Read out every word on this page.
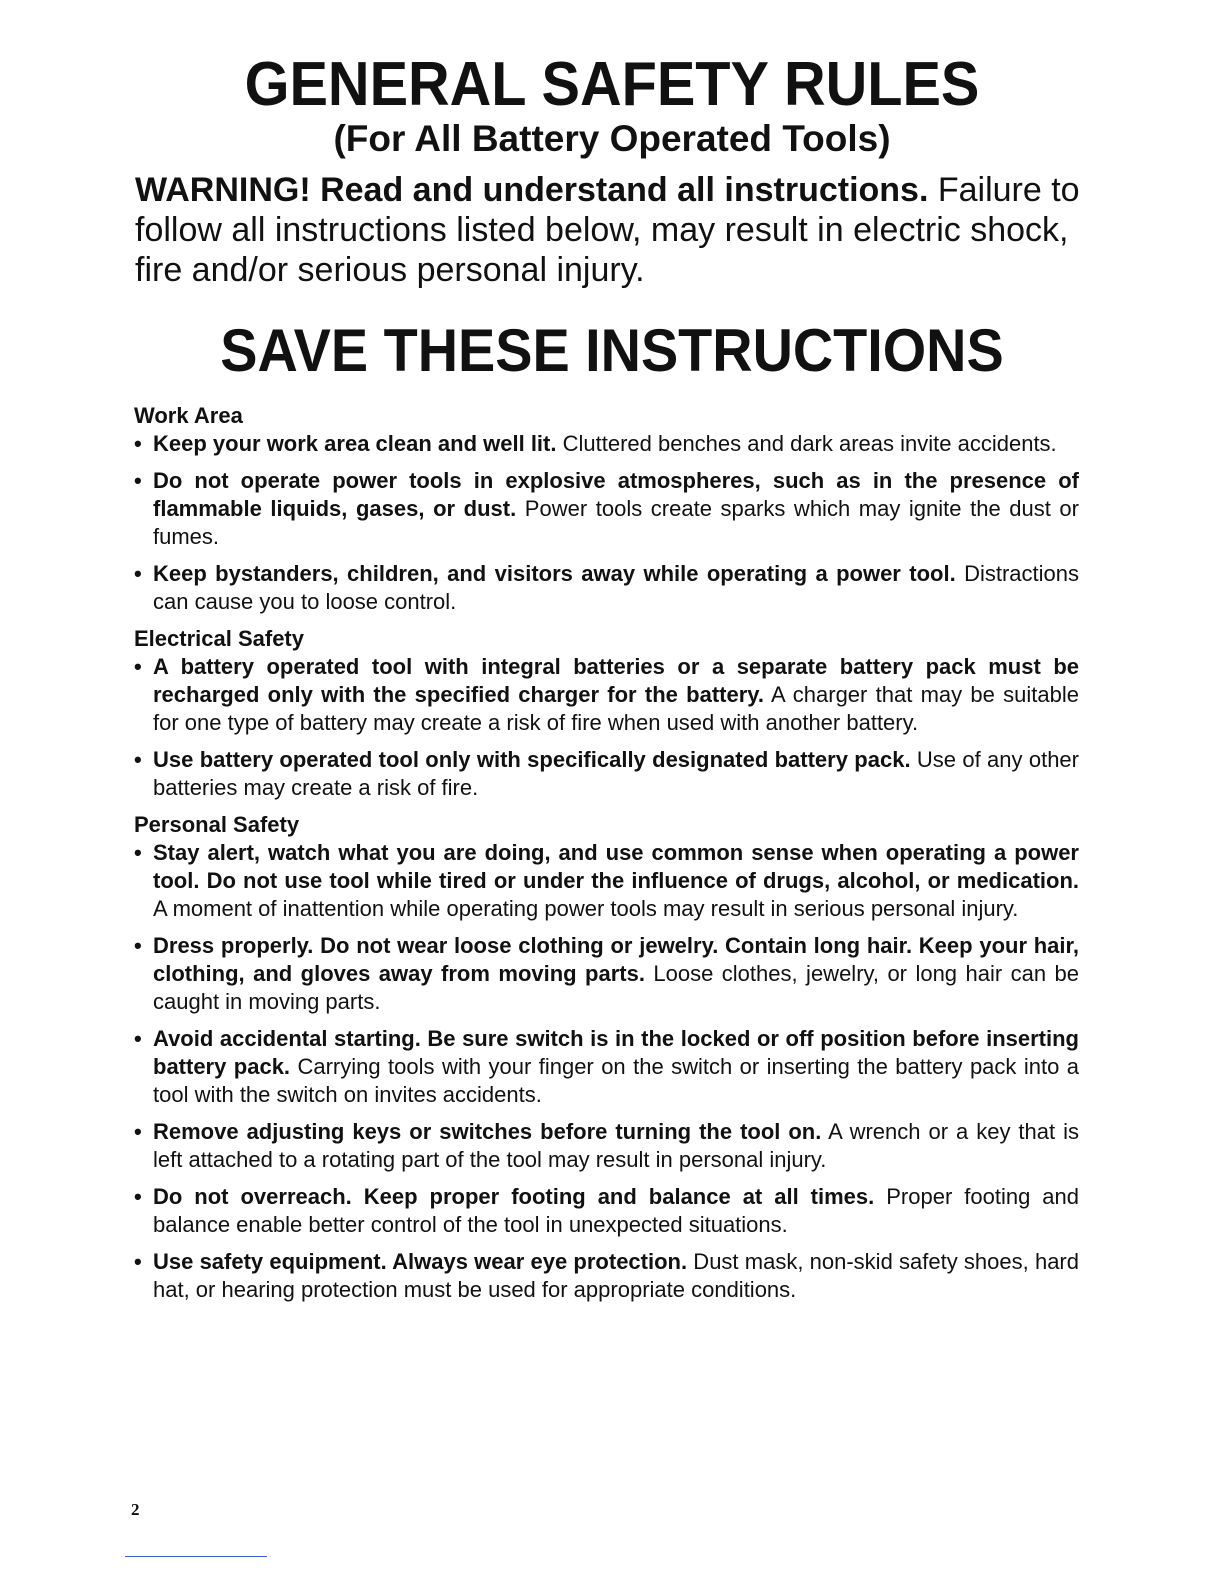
GENERAL SAFETY RULES
(For All Battery Operated Tools)
WARNING! Read and understand all instructions. Failure to follow all instructions listed below, may result in electric shock, fire and/or serious personal injury.
SAVE THESE INSTRUCTIONS
Work Area
• Keep your work area clean and well lit. Cluttered benches and dark areas invite accidents.
• Do not operate power tools in explosive atmospheres, such as in the presence of flammable liquids, gases, or dust. Power tools create sparks which may ignite the dust or fumes.
• Keep bystanders, children, and visitors away while operating a power tool. Distractions can cause you to loose control.
Electrical Safety
• A battery operated tool with integral batteries or a separate battery pack must be recharged only with the specified charger for the battery. A charger that may be suitable for one type of battery may create a risk of fire when used with another battery.
• Use battery operated tool only with specifically designated battery pack. Use of any other batteries may create a risk of fire.
Personal Safety
• Stay alert, watch what you are doing, and use common sense when operating a power tool. Do not use tool while tired or under the influence of drugs, alcohol, or medication. A moment of inattention while operating power tools may result in serious personal injury.
• Dress properly. Do not wear loose clothing or jewelry. Contain long hair. Keep your hair, clothing, and gloves away from moving parts. Loose clothes, jewelry, or long hair can be caught in moving parts.
• Avoid accidental starting. Be sure switch is in the locked or off position before inserting battery pack. Carrying tools with your finger on the switch or inserting the battery pack into a tool with the switch on invites accidents.
• Remove adjusting keys or switches before turning the tool on. A wrench or a key that is left attached to a rotating part of the tool may result in personal injury.
• Do not overreach. Keep proper footing and balance at all times. Proper footing and balance enable better control of the tool in unexpected situations.
• Use safety equipment. Always wear eye protection. Dust mask, non-skid safety shoes, hard hat, or hearing protection must be used for appropriate conditions.
2
